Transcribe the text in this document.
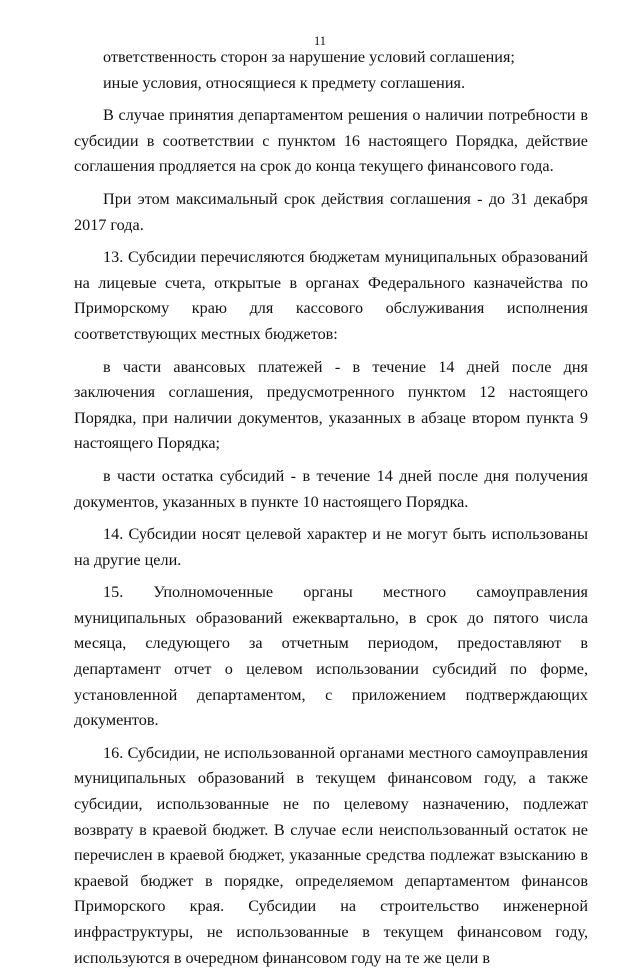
11

ответственность сторон за нарушение условий соглашения;

иные условия, относящиеся к предмету соглашения.

В случае принятия департаментом решения о наличии потребности в субсидии в соответствии с пунктом 16 настоящего Порядка, действие соглашения продляется на срок до конца текущего финансового года.

При этом максимальный срок действия соглашения - до 31 декабря 2017 года.

13. Субсидии перечисляются бюджетам муниципальных образований на лицевые счета, открытые в органах Федерального казначейства по Приморскому краю для кассового обслуживания исполнения соответствующих местных бюджетов:

в части авансовых платежей - в течение 14 дней после дня заключения соглашения, предусмотренного пунктом 12 настоящего Порядка, при наличии документов, указанных в абзаце втором пункта 9 настоящего Порядка;

в части остатка субсидий - в течение 14 дней после дня получения документов, указанных в пункте 10 настоящего Порядка.

14. Субсидии носят целевой характер и не могут быть использованы на другие цели.

15. Уполномоченные органы местного самоуправления муниципальных образований ежеквартально, в срок до пятого числа месяца, следующего за отчетным периодом, предоставляют в департамент отчет о целевом использовании субсидий по форме, установленной департаментом, с приложением подтверждающих документов.

16. Субсидии, не использованной органами местного самоуправления муниципальных образований в текущем финансовом году, а также субсидии, использованные не по целевому назначению, подлежат возврату в краевой бюджет. В случае если неиспользованный остаток не перечислен в краевой бюджет, указанные средства подлежат взысканию в краевой бюджет в порядке, определяемом департаментом финансов Приморского края. Субсидии на строительство инженерной инфраструктуры, не использованные в текущем финансовом году, используются в очередном финансовом году на те же цели в
